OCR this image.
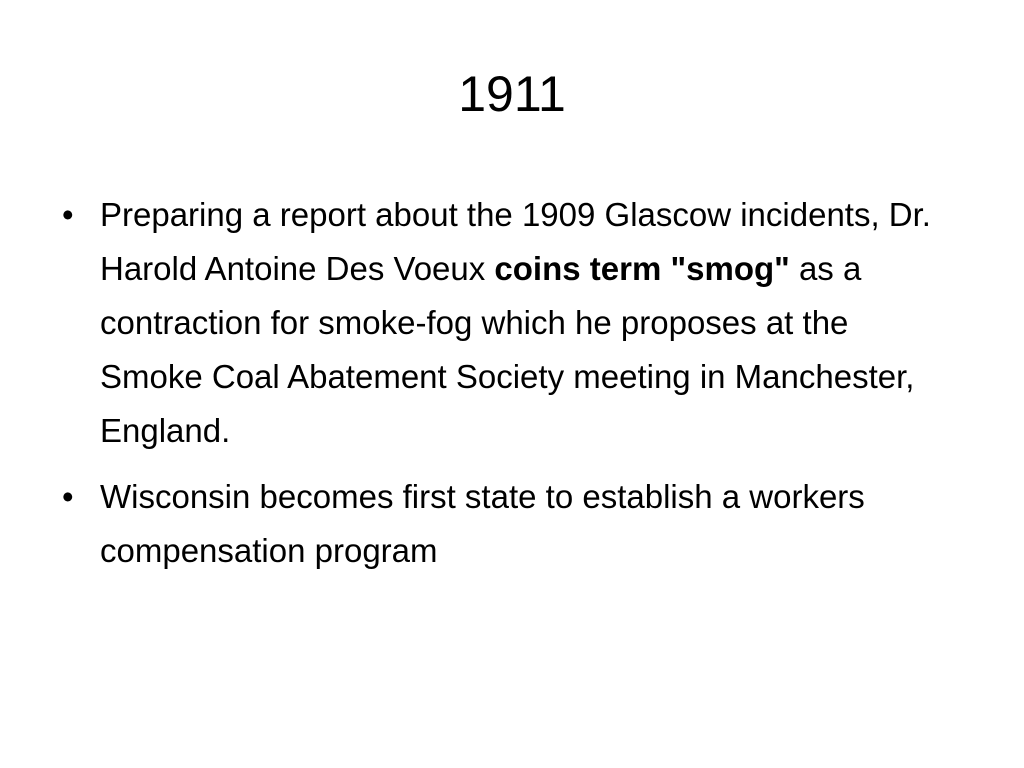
1911
• Preparing a report about the 1909 Glascow incidents, Dr. Harold Antoine Des Voeux coins term "smog" as a contraction for smoke-fog which he proposes at the Smoke Coal Abatement Society meeting in Manchester, England.
• Wisconsin becomes first state to establish a workers compensation program
